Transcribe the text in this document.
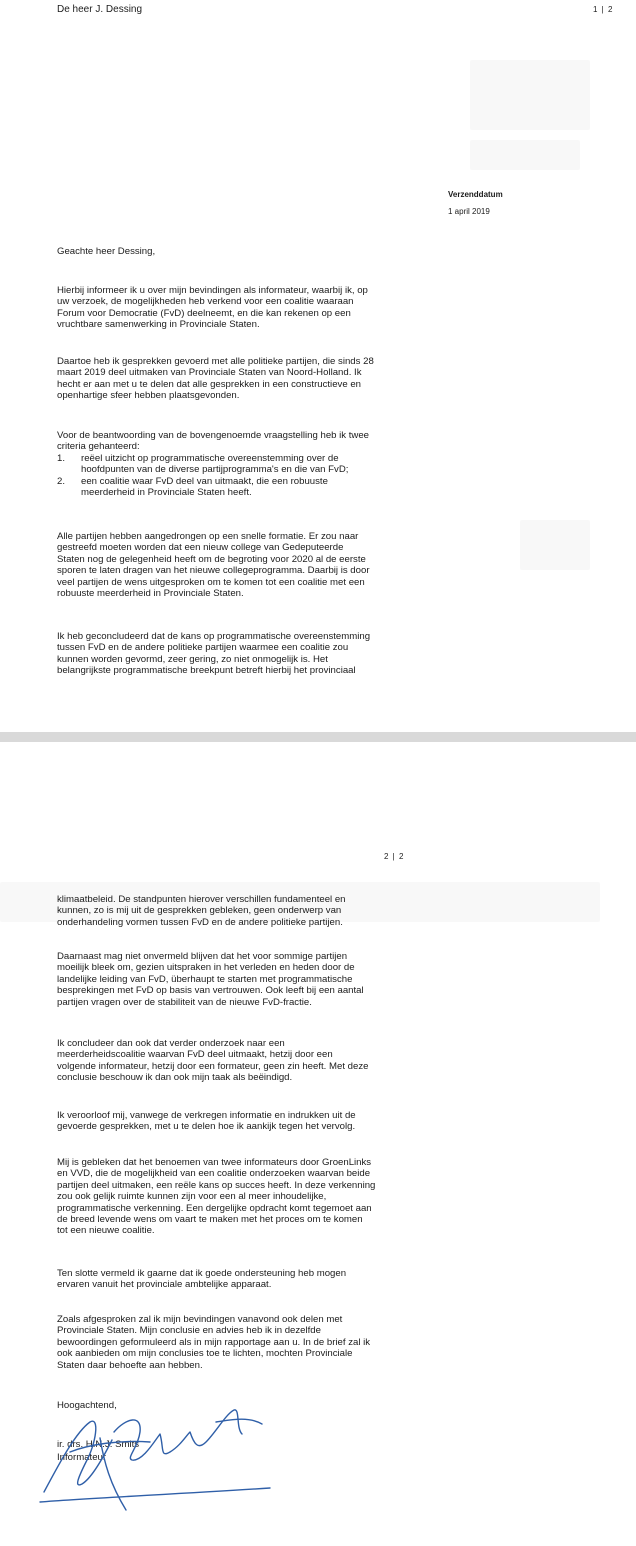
De heer J. Dessing	1 | 2
Verzenddatum
1 april 2019
Geachte heer Dessing,
Hierbij informeer ik u over mijn bevindingen als informateur, waarbij ik, op
uw verzoek, de mogelijkheden heb verkend voor een coalitie waaraan
Forum voor Democratie (FvD) deelneemt, en die kan rekenen op een
vruchtbare samenwerking in Provinciale Staten.
Daartoe heb ik gesprekken gevoerd met alle politieke partijen, die sinds 28
maart 2019 deel uitmaken van Provinciale Staten van Noord-Holland. Ik
hecht er aan met u te delen dat alle gesprekken in een constructieve en
openhartige sfeer hebben plaatsgevonden.
Voor de beantwoording van de bovengenoemde vraagstelling heb ik twee
criteria gehanteerd:
1. reëel uitzicht op programmatische overeenstemming over de
hoofdpunten van de diverse partijprogramma's en die van FvD;
2. een coalitie waar FvD deel van uitmaakt, die een robuuste
meerderheid in Provinciale Staten heeft.
Alle partijen hebben aangedrongen op een snelle formatie. Er zou naar
gestreefd moeten worden dat een nieuw college van Gedeputeerde
Staten nog de gelegenheid heeft om de begroting voor 2020 al de eerste
sporen te laten dragen van het nieuwe collegeprogramma. Daarbij is door
veel partijen de wens uitgesproken om te komen tot een coalitie met een
robuuste meerderheid in Provinciale Staten.
Ik heb geconcludeerd dat de kans op programmatische overeenstemming
tussen FvD en de andere politieke partijen waarmee een coalitie zou
kunnen worden gevormd, zeer gering, zo niet onmogelijk is. Het
belangrijkste programmatische breekpunt betreft hierbij het provinciaal
2 | 2
klimaatbeleid. De standpunten hierover verschillen fundamenteel en
kunnen, zo is mij uit de gesprekken gebleken, geen onderwerp van
onderhandeling vormen tussen FvD en de andere politieke partijen.
Daarnaast mag niet onvermeld blijven dat het voor sommige partijen
moeilijk bleek om, gezien uitspraken in het verleden en heden door de
landelijke leiding van FvD, überhaupt te starten met programmatische
besprekingen met FvD op basis van vertrouwen. Ook leeft bij een aantal
partijen vragen over de stabiliteit van de nieuwe FvD-fractie.
Ik concludeer dan ook dat verder onderzoek naar een
meerderheidscoalitie waarvan FvD deel uitmaakt, hetzij door een
volgende informateur, hetzij door een formateur, geen zin heeft. Met deze
conclusie beschouw ik dan ook mijn taak als beëindigd.
Ik veroorloof mij, vanwege de verkregen informatie en indrukken uit de
gevoerde gesprekken, met u te delen hoe ik aankijk tegen het vervolg.
Mij is gebleken dat het benoemen van twee informateurs door GroenLinks
en VVD, die de mogelijkheid van een coalitie onderzoeken waarvan beide
partijen deel uitmaken, een reële kans op succes heeft. In deze verkenning
zou ook gelijk ruimte kunnen zijn voor een al meer inhoudelijke,
programmatische verkenning. Een dergelijke opdracht komt tegemoet aan
de breed levende wens om vaart te maken met het proces om te komen
tot een nieuwe coalitie.
Ten slotte vermeld ik gaarne dat ik goede ondersteuning heb mogen
ervaren vanuit het provinciale ambtelijke apparaat.
Zoals afgesproken zal ik mijn bevindingen vanavond ook delen met
Provinciale Staten. Mijn conclusie en advies heb ik in dezelfde
bewoordingen geformuleerd als in mijn rapportage aan u. In de brief zal ik
ook aanbieden om mijn conclusies toe te lichten, mochten Provinciale
Staten daar behoefte aan hebben.
Hoogachtend,
ir. drs. H.N.J. Smits
Informateur
